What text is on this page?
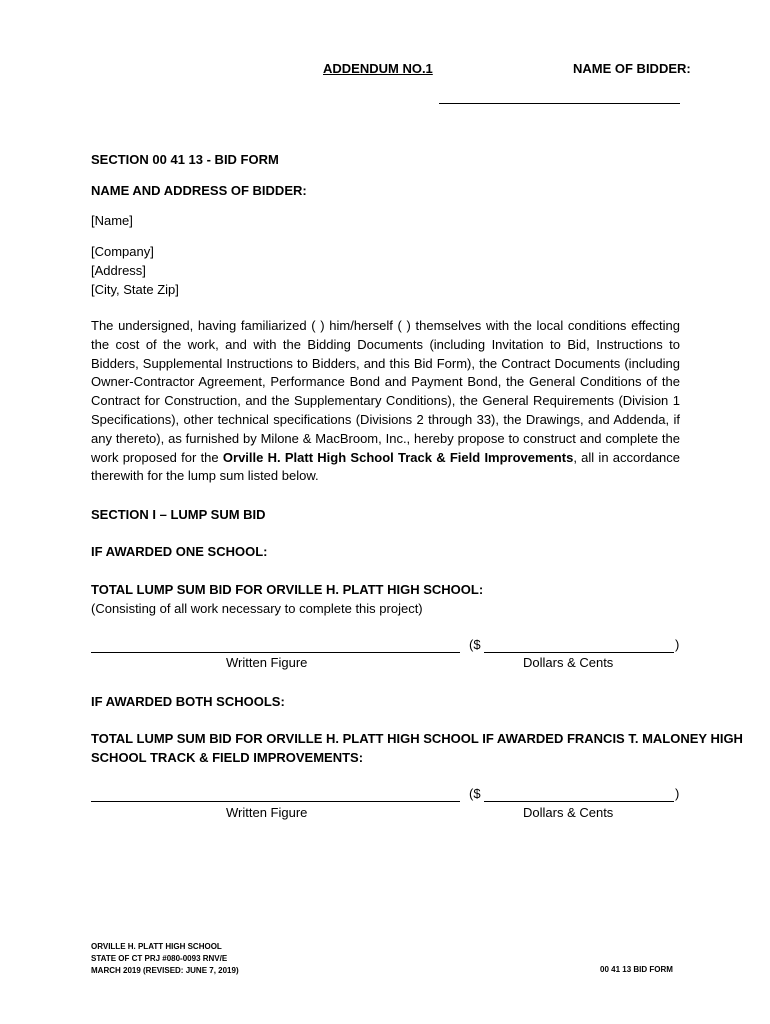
ADDENDUM NO.1	NAME OF BIDDER:
SECTION 00 41 13 - BID FORM
NAME AND ADDRESS OF BIDDER:
[Name]
[Company]
[Address]
[City, State Zip]
The undersigned, having familiarized ( ) him/herself ( ) themselves with the local conditions effecting the cost of the work, and with the Bidding Documents (including Invitation to Bid, Instructions to Bidders, Supplemental Instructions to Bidders, and this Bid Form), the Contract Documents (including Owner-Contractor Agreement, Performance Bond and Payment Bond, the General Conditions of the Contract for Construction, and the Supplementary Conditions), the General Requirements (Division 1 Specifications), other technical specifications (Divisions 2 through 33), the Drawings, and Addenda, if any thereto), as furnished by Milone & MacBroom, Inc., hereby propose to construct and complete the work proposed for the Orville H. Platt High School Track & Field Improvements, all in accordance therewith for the lump sum listed below.
SECTION I – LUMP SUM BID
IF AWARDED ONE SCHOOL:
TOTAL LUMP SUM BID FOR ORVILLE H. PLATT HIGH SCHOOL:
(Consisting of all work necessary to complete this project)
($	)
Written Figure	Dollars & Cents
IF AWARDED BOTH SCHOOLS:
TOTAL LUMP SUM BID FOR ORVILLE H. PLATT HIGH SCHOOL IF AWARDED FRANCIS T. MALONEY HIGH
SCHOOL TRACK & FIELD IMPROVEMENTS:
($	)
Written Figure	Dollars & Cents
ORVILLE H. PLATT HIGH SCHOOL
STATE OF CT PRJ #080-0093 RNV/E
MARCH 2019 (REVISED: JUNE 7, 2019)	00 41 13 BID FORM
